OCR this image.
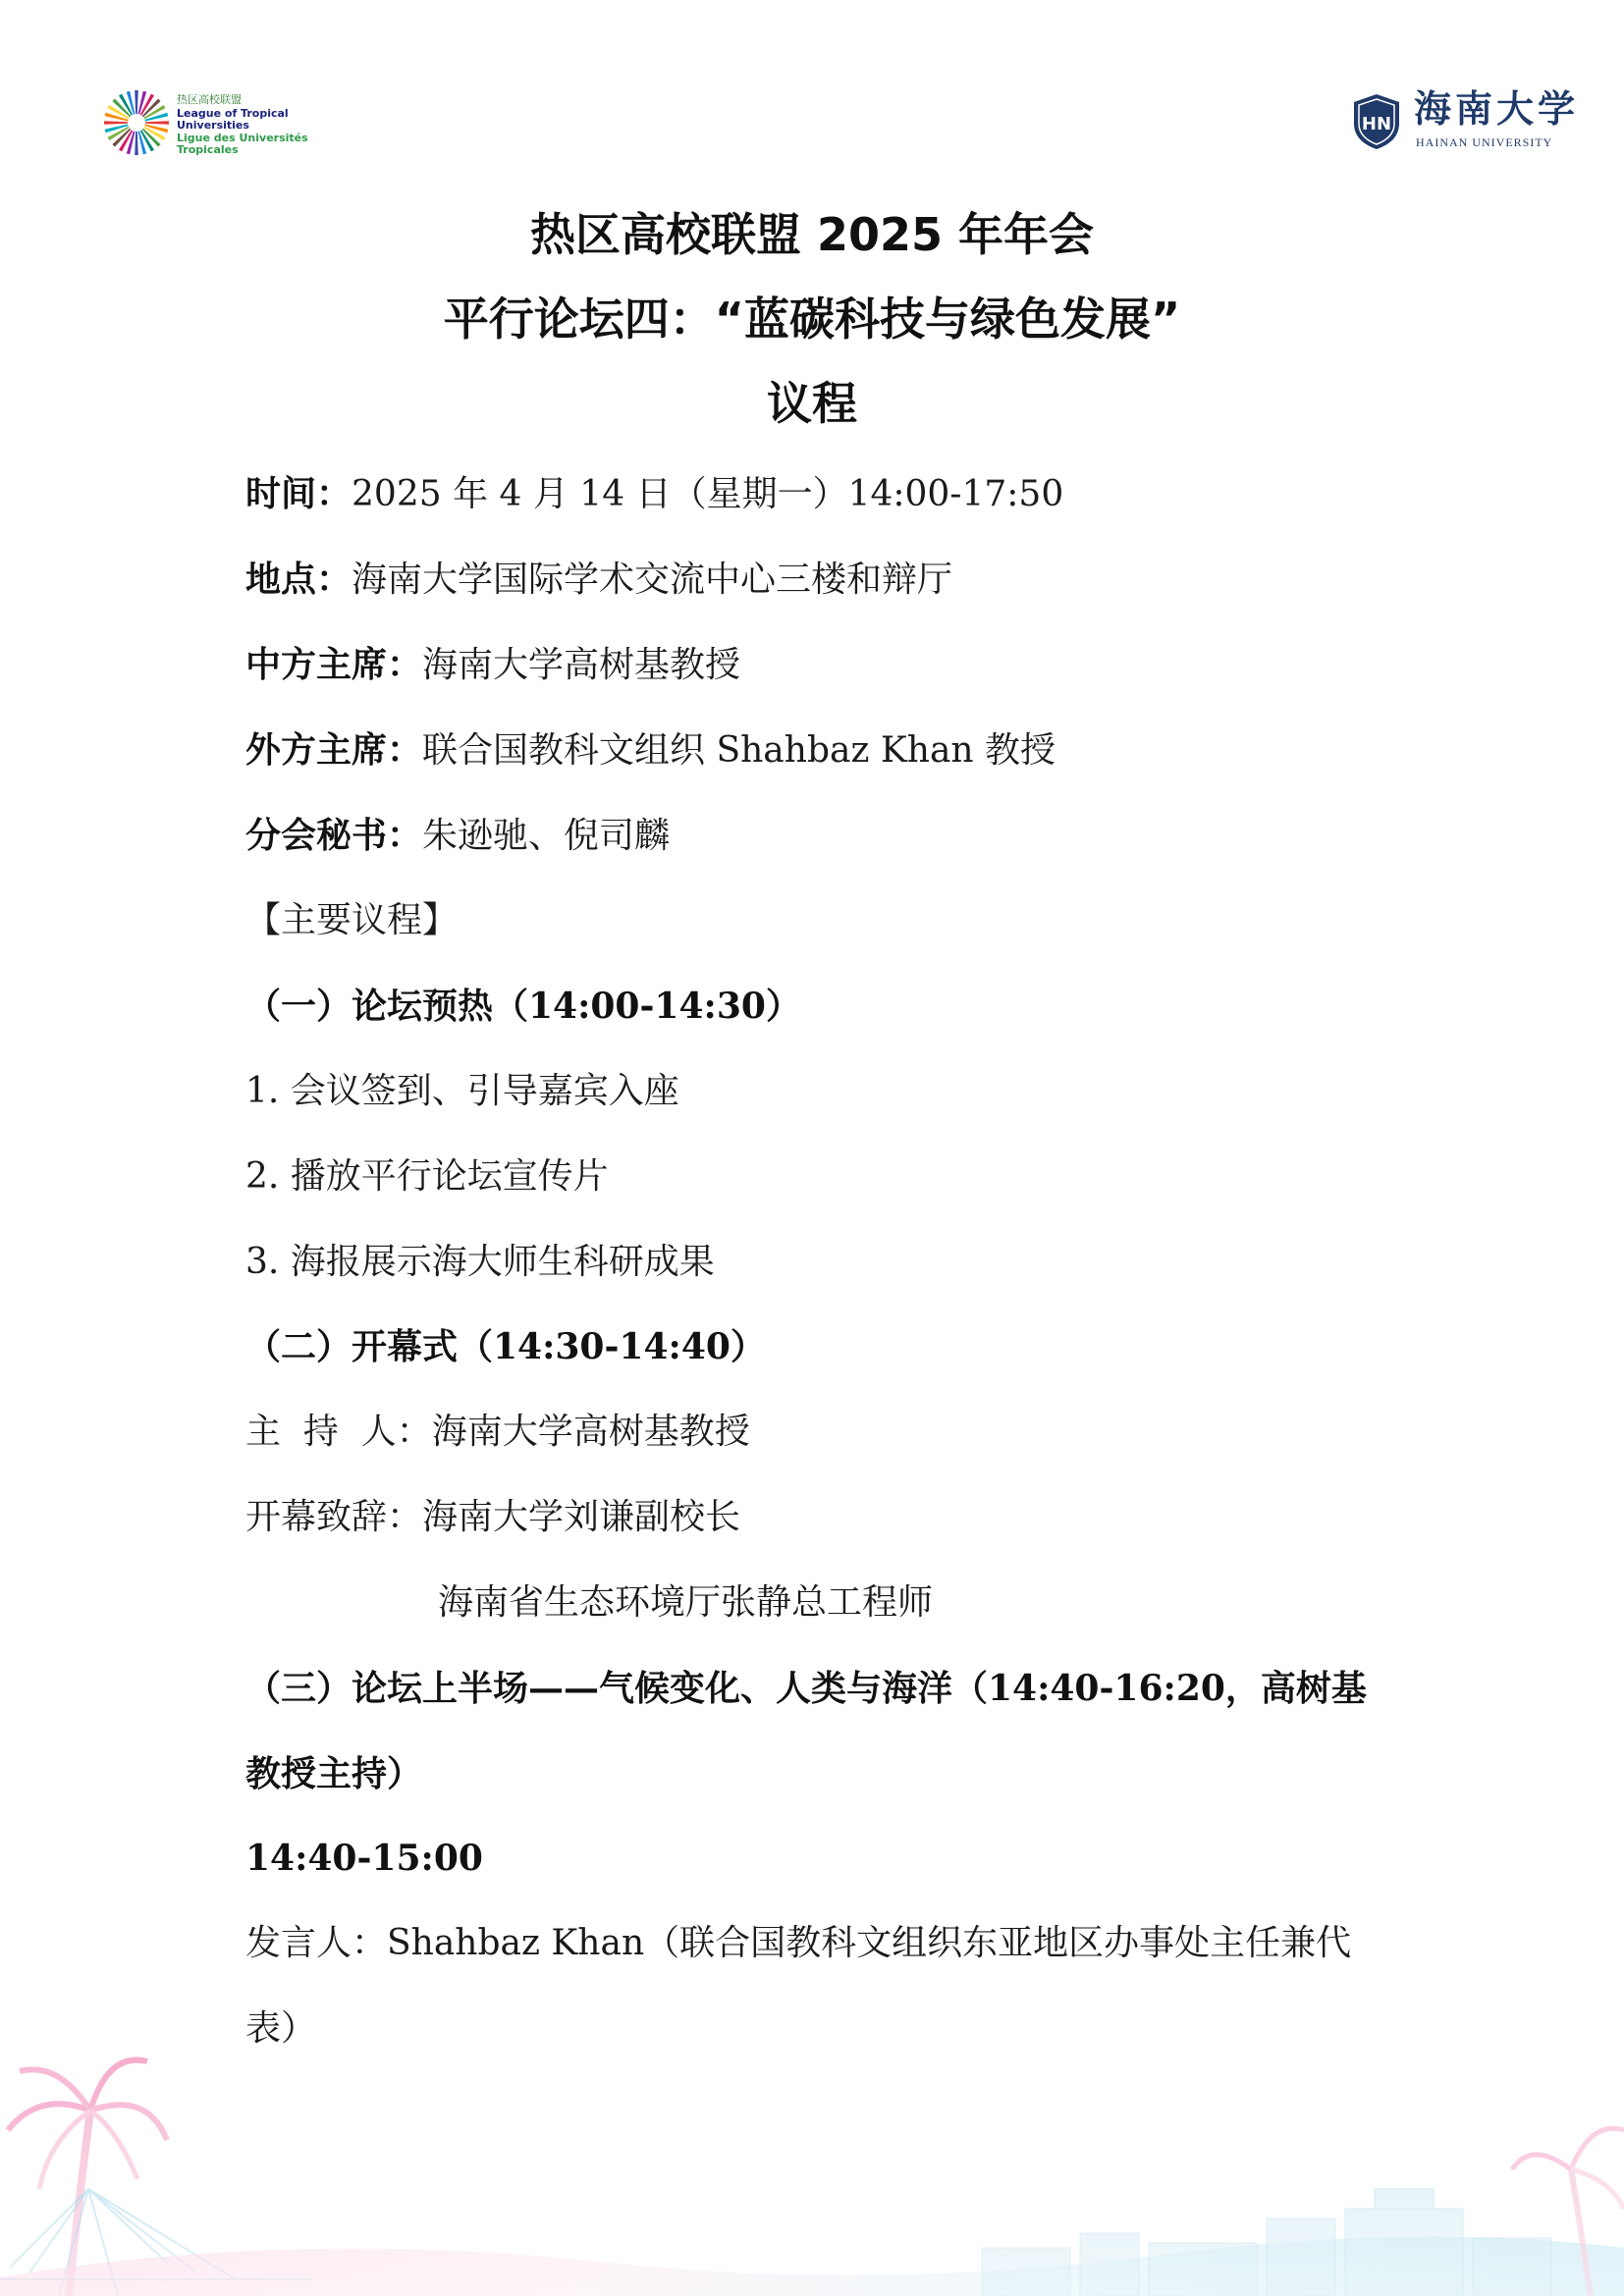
热区高校联盟
League of Tropical
Universities
Ligue des Universités
Tropicales
HN 海南大学
HAINAN UNIVERSITY
热区高校联盟 2025 年年会
平行论坛四：“蓝碳科技与绿色发展”
议程
时间：2025 年 4 月 14 日（星期一）14:00-17:50
地点：海南大学国际学术交流中心三楼和辩厅
中方主席：海南大学高树基教授
外方主席：联合国教科文组织 Shahbaz Khan 教授
分会秘书：朱逊驰、倪司麟
【主要议程】
（一）论坛预热（14:00-14:30）
1. 会议签到、引导嘉宾入座
2. 播放平行论坛宣传片
3. 海报展示海大师生科研成果
（二）开幕式（14:30-14:40）
主  持  人：海南大学高树基教授
开幕致辞：海南大学刘谦副校长
海南省生态环境厅张静总工程师
（三）论坛上半场——气候变化、人类与海洋（14:40-16:20，高树基
教授主持）
14:40-15:00
发言人：Shahbaz Khan（联合国教科文组织东亚地区办事处主任兼代
表）
